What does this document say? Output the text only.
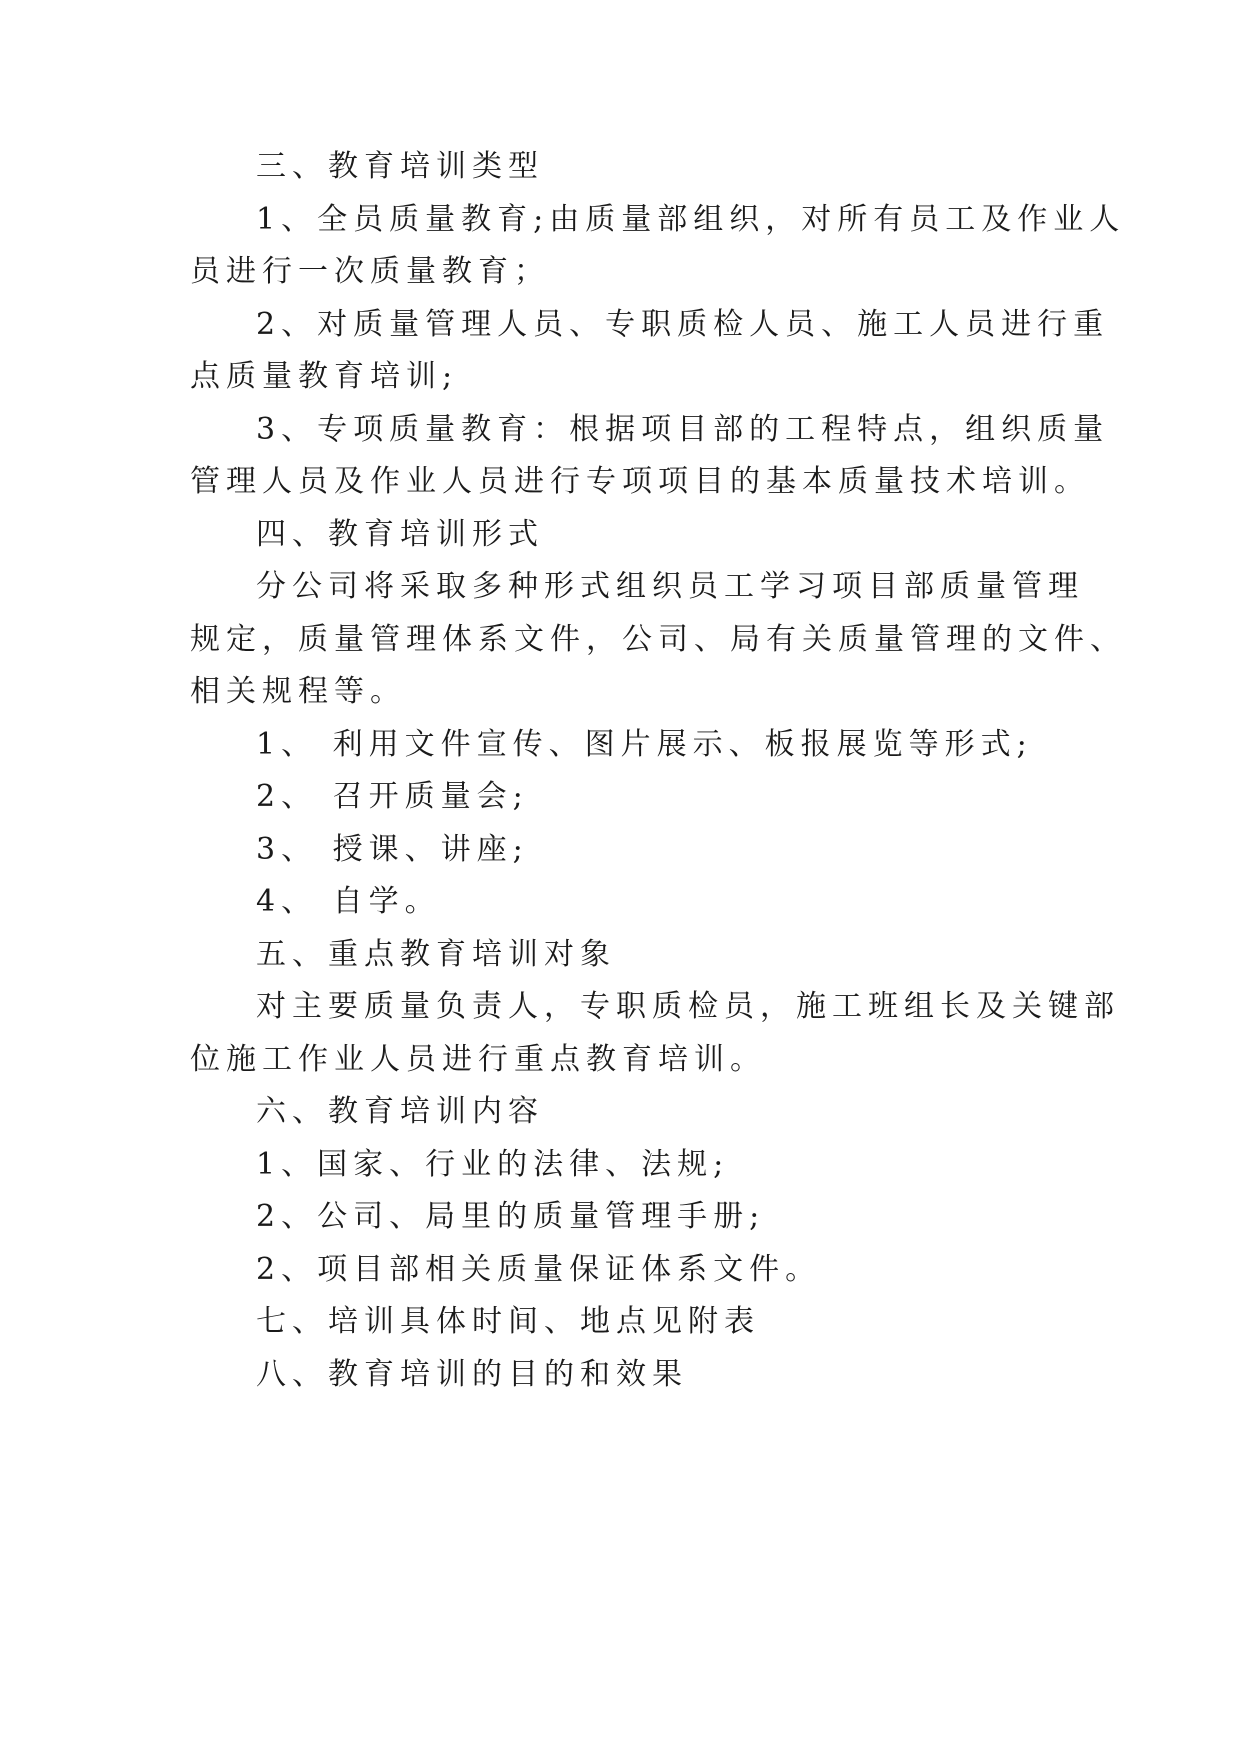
三、教育培训类型
1、全员质量教育;由质量部组织，对所有员工及作业人
员进行一次质量教育；
2、对质量管理人员、专职质检人员、施工人员进行重
点质量教育培训;
3、专项质量教育：根据项目部的工程特点，组织质量
管理人员及作业人员进行专项项目的基本质量技术培训。
四、教育培训形式
分公司将采取多种形式组织员工学习项目部质量管理
规定，质量管理体系文件，公司、局有关质量管理的文件、
相关规程等。
1、 利用文件宣传、图片展示、板报展览等形式;
2、 召开质量会;
3、 授课、讲座;
4、 自学。
五、重点教育培训对象
对主要质量负责人，专职质检员，施工班组长及关键部
位施工作业人员进行重点教育培训。
六、教育培训内容
1、国家、行业的法律、法规;
2、公司、局里的质量管理手册;
2、项目部相关质量保证体系文件。
七、培训具体时间、地点见附表
八、教育培训的目的和效果
